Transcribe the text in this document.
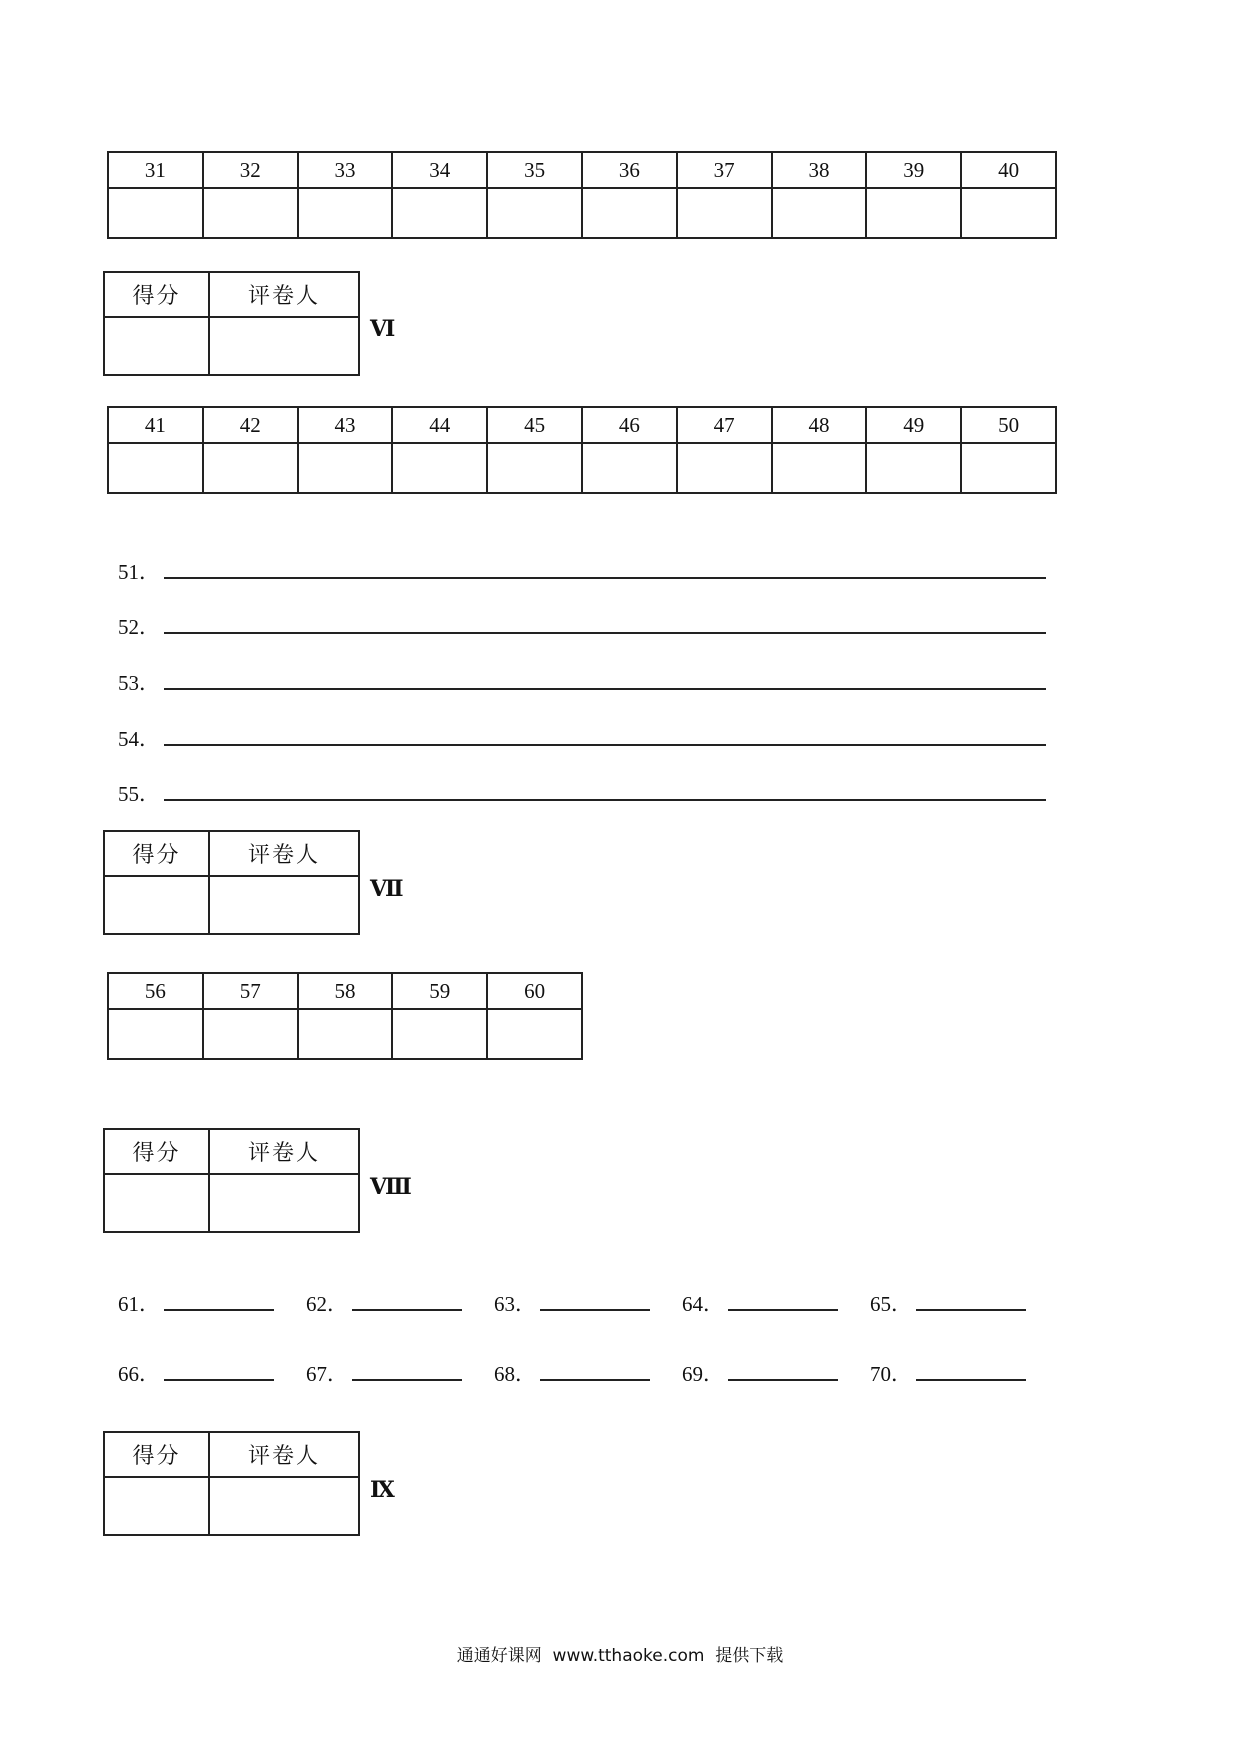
31	32	33	34	35	36	37	38	39	40

得分	评卷人

Ⅵ
41	42	43	44	45	46	47	48	49	50

51．
52．
53．
54．
55．
得分	评卷人

Ⅶ
56	57	58	59	60

得分	评卷人

Ⅷ
61．	62．	63．	64．	65．
66．	67．	68．	69．	70．
得分	评卷人

Ⅸ
通通好课网  www.tthaoke.com  提供下载
